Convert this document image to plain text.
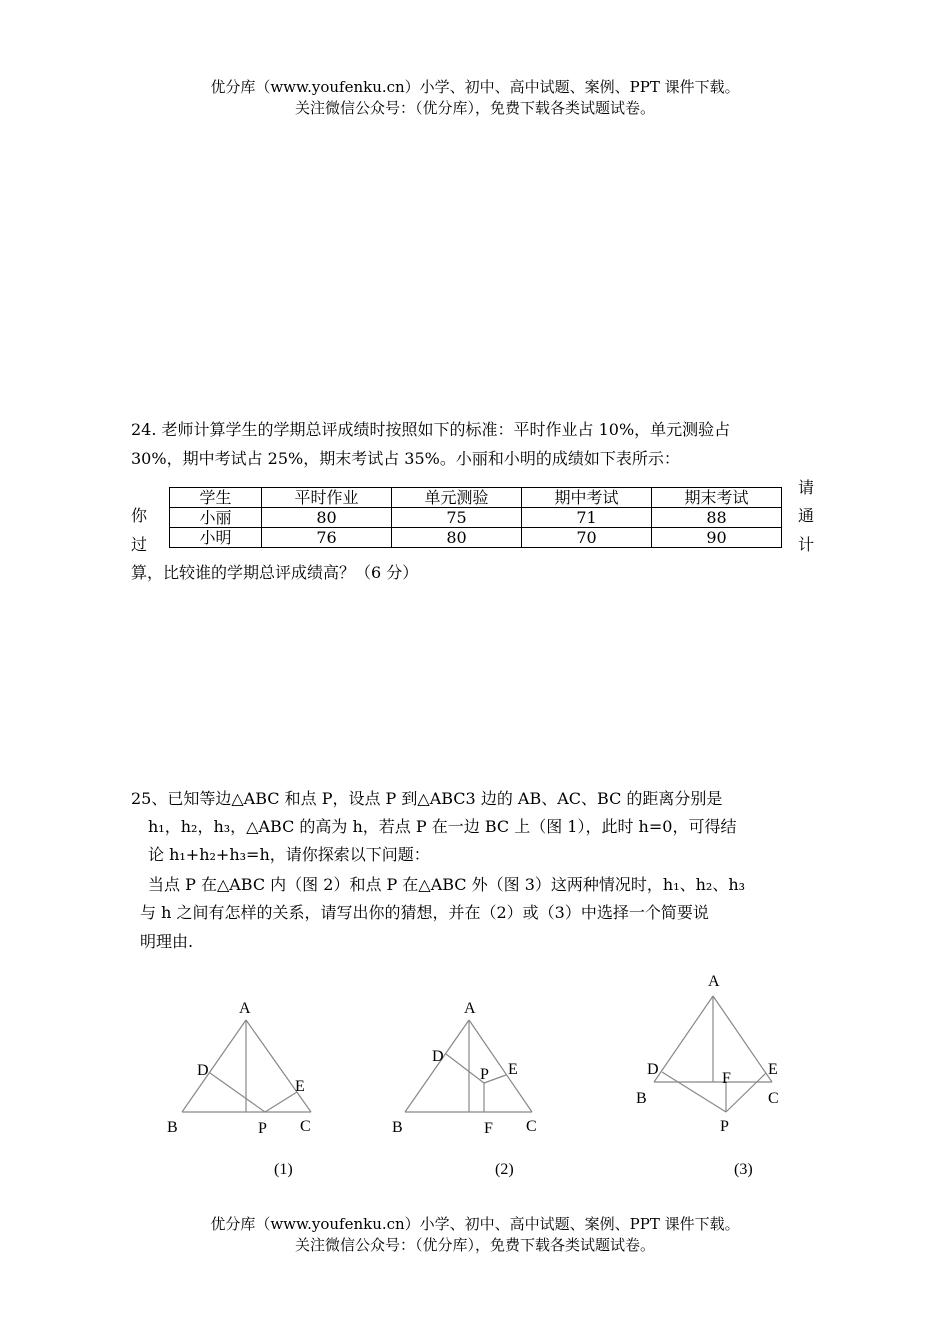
优分库（www.youfenku.cn）小学、初中、高中试题、案例、PPT 课件下载。
关注微信公众号：（优分库），免费下载各类试题试卷。
24. 老师计算学生的学期总评成绩时按照如下的标准：平时作业占 10%，单元测验占
30%，期中考试占 25%，期末考试占 35%。小丽和小明的成绩如下表所示：
你
过
请
通
计
学生	平时作业	单元测验	期中考试	期末考试
小丽	80	75	71	88
小明	76	80	70	90
算，比较谁的学期总评成绩高？（6 分）
25、已知等边△ABC 和点 P，设点 P 到△ABC3 边的 AB、AC、BC 的距离分别是
h₁，h₂，h₃，△ABC 的高为 h，若点 P 在一边 BC 上（图 1），此时 h=0，可得结
论 h₁+h₂+h₃=h，请你探索以下问题：
当点 P 在△ABC 内（图 2）和点 P 在△ABC 外（图 3）这两种情况时，h₁、h₂、h₃
与 h 之间有怎样的关系，请写出你的猜想，并在（2）或（3）中选择一个简要说
明理由.
A
D
E
B	P C
(1)
A
D
P E
B	F C
(2)
A
D	E
F
B	C
P
(3)
优分库（www.youfenku.cn）小学、初中、高中试题、案例、PPT 课件下载。
关注微信公众号：（优分库），免费下载各类试题试卷。
